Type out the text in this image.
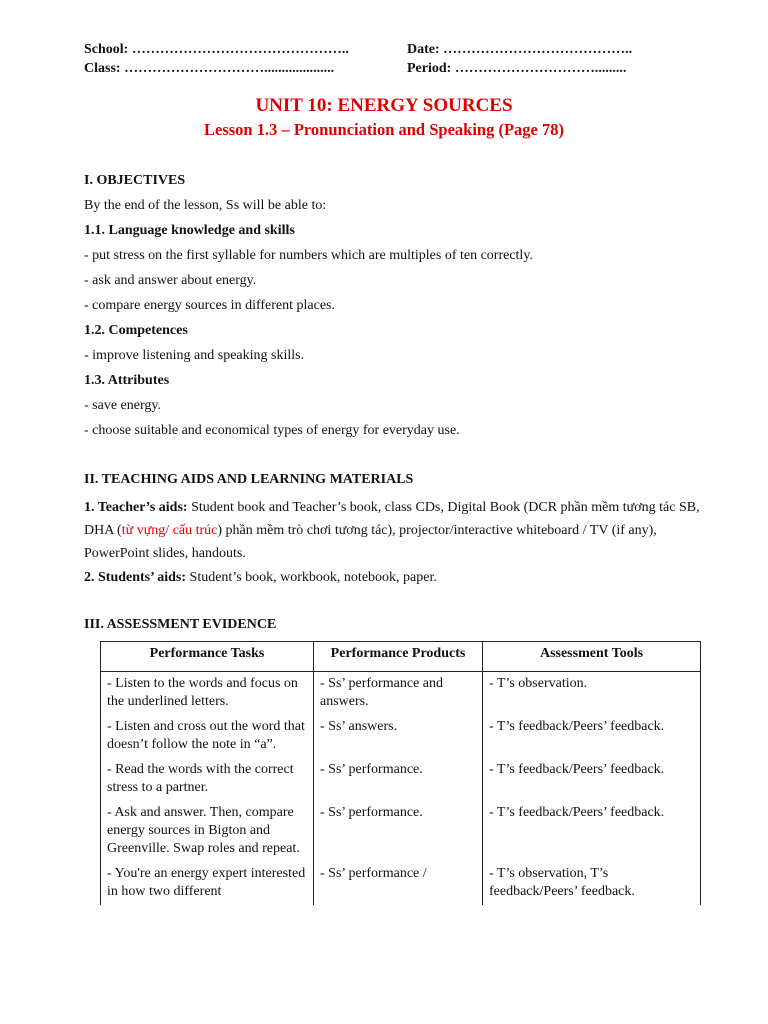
School: ………………………………………..
Class: …………………………....................
Date: …………………………………..
Period: ………………………….........
UNIT 10: ENERGY SOURCES
Lesson 1.3 – Pronunciation and Speaking (Page 78)

I. OBJECTIVES

By the end of the lesson, Ss will be able to:

1.1. Language knowledge and skills

- put stress on the first syllable for numbers which are multiples of ten correctly.

- ask and answer about energy.

- compare energy sources in different places.

1.2. Competences

- improve listening and speaking skills.

1.3. Attributes

- save energy.

- choose suitable and economical types of energy for everyday use.

II. TEACHING AIDS AND LEARNING MATERIALS

1. Teacher’s aids: Student book and Teacher’s book, class CDs, Digital Book (DCR phần mềm tương tác SB, DHA (từ vựng/ cấu trúc) phần mềm trò chơi tương tác), projector/interactive whiteboard / TV (if any), PowerPoint slides, handouts.

2. Students’ aids: Student’s book, workbook, notebook, paper.

III. ASSESSMENT EVIDENCE

Performance Tasks	Performance Products	Assessment Tools
- Listen to the words and focus on the underlined letters.	- Ss’ performance and answers.	- T’s observation.
- Listen and cross out the word that doesn’t follow the note in “a”.	- Ss’ answers.	- T’s feedback/Peers’ feedback.
- Read the words with the correct stress to a partner.	- Ss’ performance.	- T’s feedback/Peers’ feedback.
- Ask and answer. Then, compare energy sources in Bigton and Greenville. Swap roles and repeat.	- Ss’ performance.	- T’s feedback/Peers’ feedback.
- You're an energy expert interested in how two different	- Ss’ performance /	- T’s observation, T’s feedback/Peers’ feedback.
